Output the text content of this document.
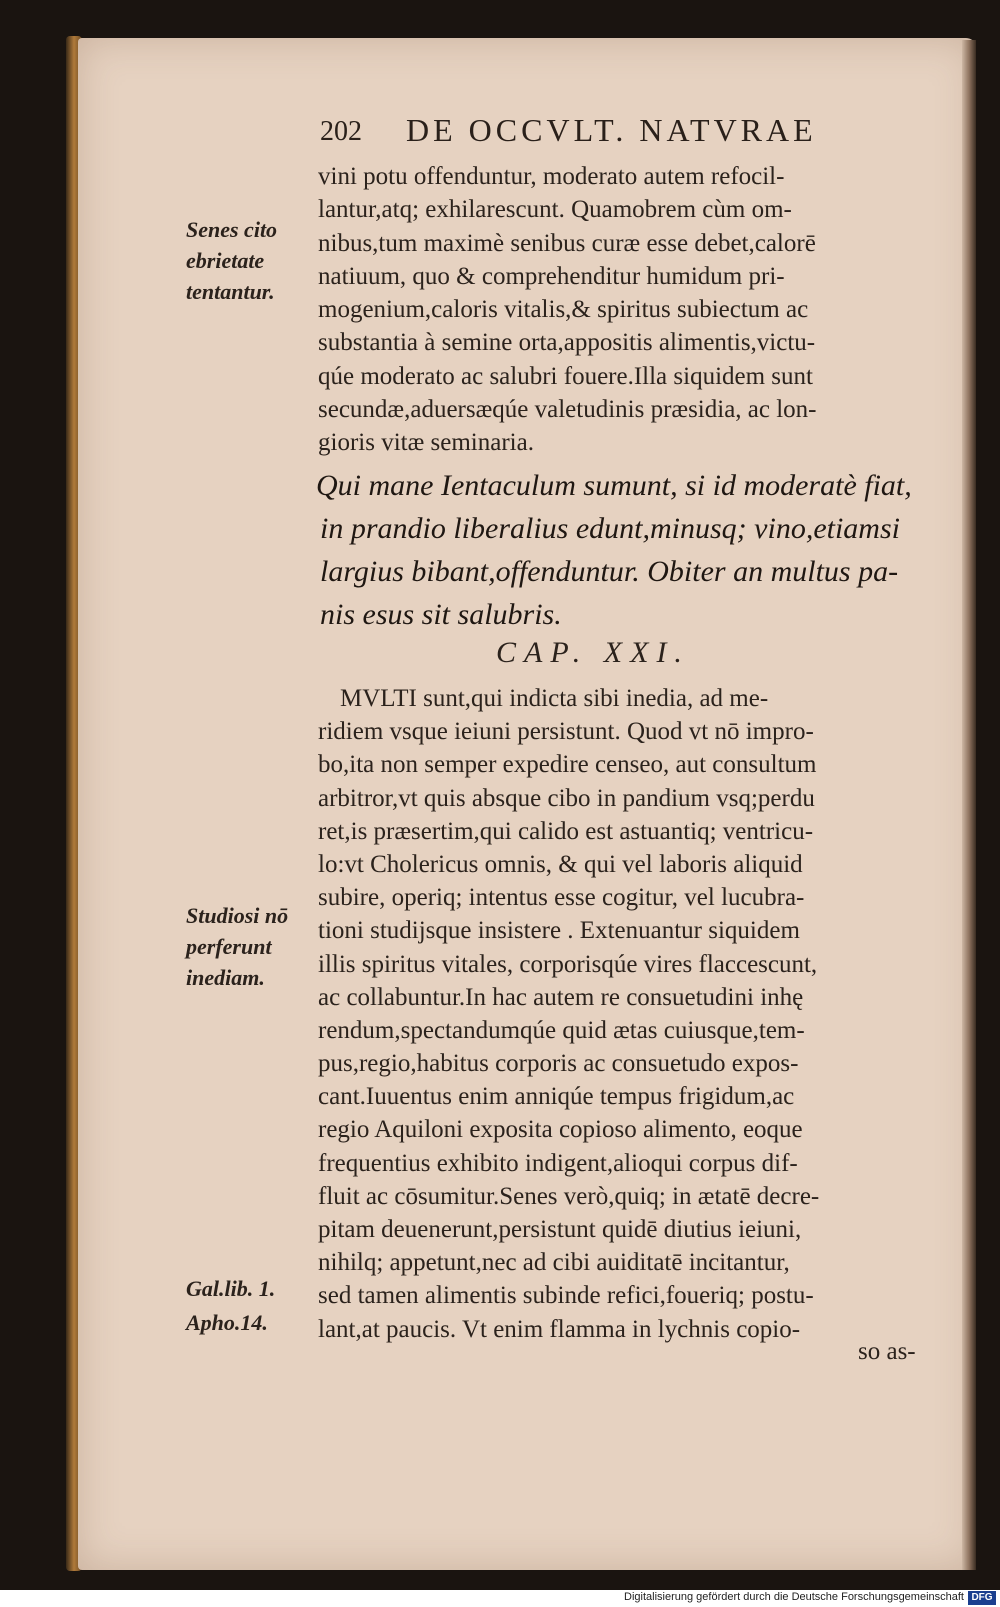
202 DE OCCVLT. NATVRAE
Senes cito
ebrietate
tentantur.
vini potu offenduntur, moderato autem refocil-
lantur,atq; exhilarescunt. Quamobrem cùm om-
nibus,tum maximè senibus curæ esse debet,calorē
natiuum, quo & comprehenditur humidum pri-
mogenium,caloris vitalis,& spiritus subiectum ac
substantia à semine orta,appositis alimentis,victu-
qúe moderato ac salubri fouere.Illa siquidem sunt
secundæ,aduersæqúe valetudinis præsidia, ac lon-
gioris vitæ seminaria.
Qui mane Ientaculum sumunt, si id moderatè fiat,
in prandio liberalius edunt,minusq; vino,etiamsi
largius bibant,offenduntur. Obiter an multus pa-
nis esus sit salubris.
CAP. XXI.
Studiosi nō
perferunt
inediam.
Gal.lib. 1.
Apho.14.
MVLTI sunt,qui indicta sibi inedia, ad me-
ridiem vsque ieiuni persistunt. Quod vt nō impro-
bo,ita non semper expedire censeo, aut consultum
arbitror,vt quis absque cibo in pandium vsq;perdu
ret,is præsertim,qui calido est astuantiq; ventricu-
lo:vt Cholericus omnis, & qui vel laboris aliquid
subire, operiq; intentus esse cogitur, vel lucubra-
tioni studijsque insistere . Extenuantur siquidem
illis spiritus vitales, corporisqúe vires flaccescunt,
ac collabuntur.In hac autem re consuetudini inhę
rendum,spectandumqúe quid ætas cuiusque,tem-
pus,regio,habitus corporis ac consuetudo expos-
cant.Iuuentus enim anniqúe tempus frigidum,ac
regio Aquiloni exposita copioso alimento, eoque
frequentius exhibito indigent,alioqui corpus dif-
fluit ac cōsumitur.Senes verò,quiq; in ætatē decre-
pitam deuenerunt,persistunt quidē diutius ieiuni,
nihilq; appetunt,nec ad cibi auiditatē incitantur,
sed tamen alimentis subinde refici,foueriq; postu-
lant,at paucis. Vt enim flamma in lychnis copio-
so as-
Digitalisierung gefördert durch die Deutsche Forschungsgemeinschaft DFG
